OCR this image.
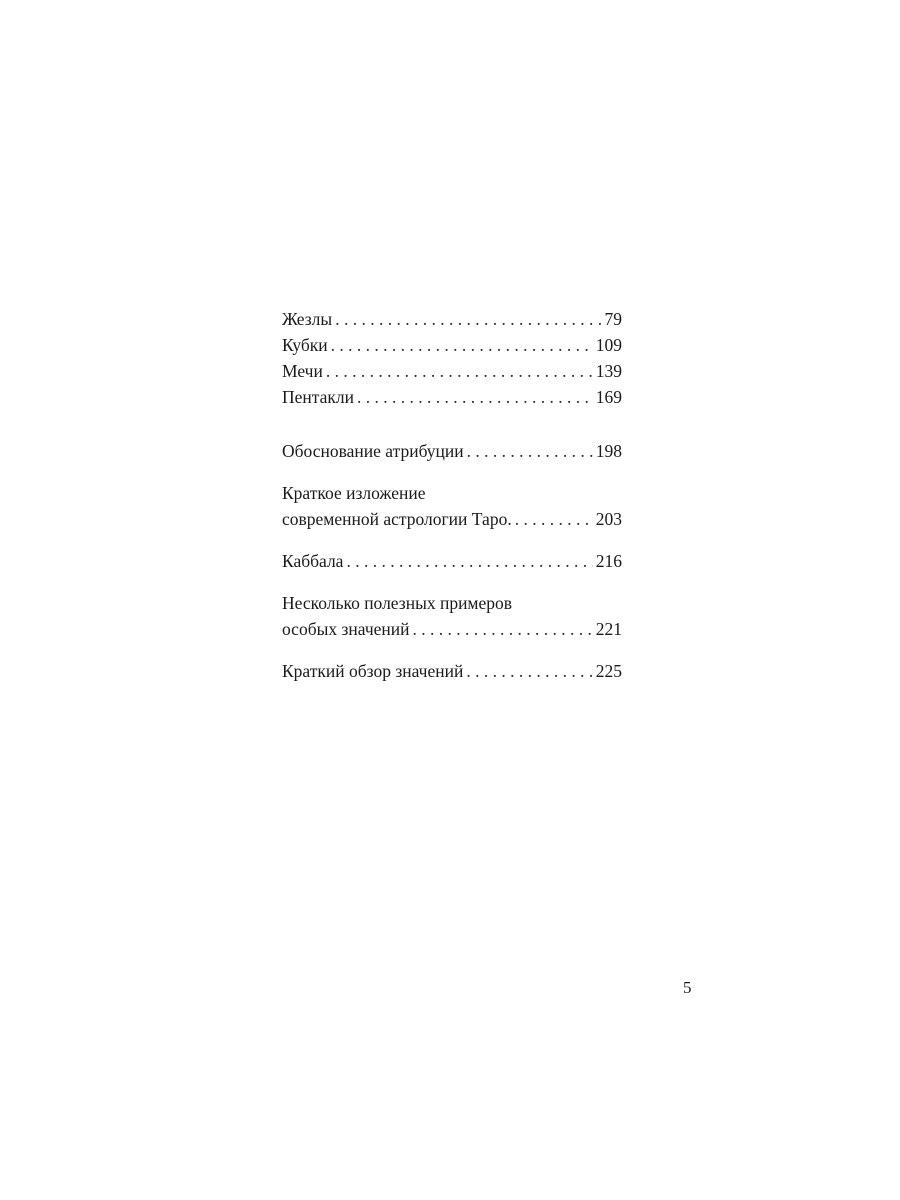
Жезлы . . .	79
Кубки . . .	109
Мечи . . .	139
Пентакли . . .	169
Обоснование атрибуции . . .	198
Краткое изложение
современной астрологии Таро. . . .	203
Каббала . . .	216
Несколько полезных примеров
особых значений . . .	221
Краткий обзор значений . . .	225
5
